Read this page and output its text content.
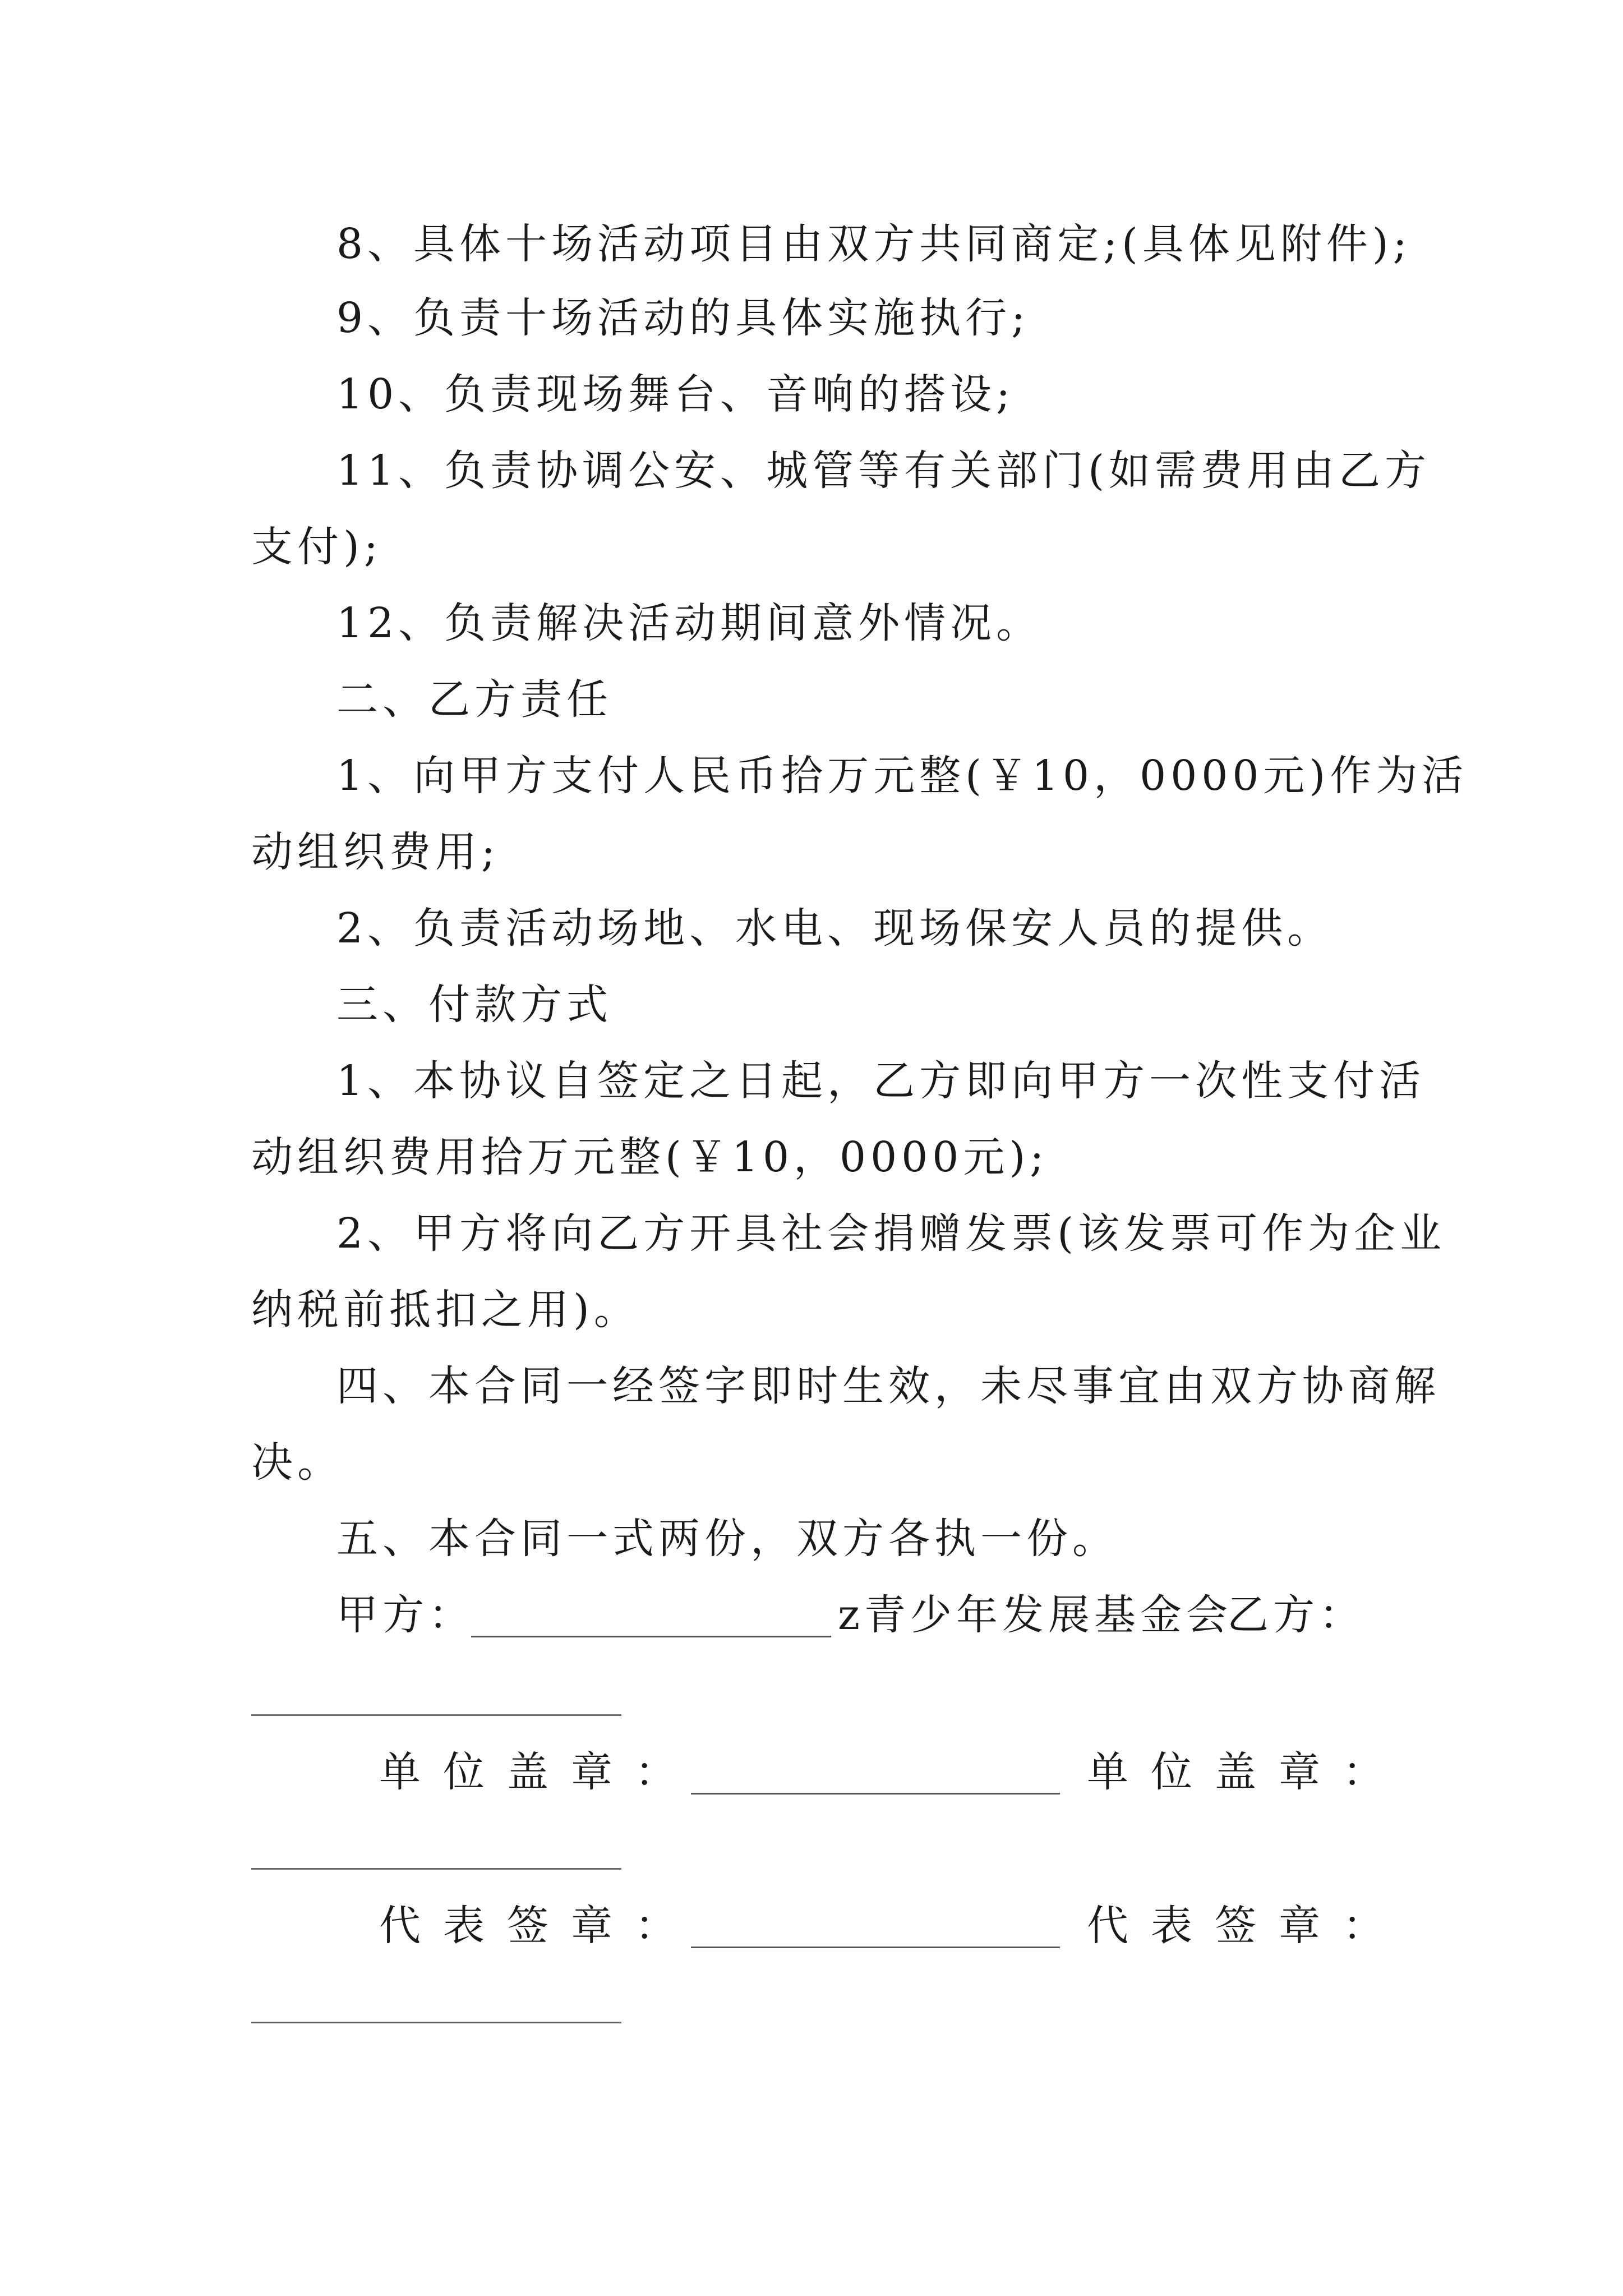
8、具体十场活动项目由双方共同商定;(具体见附件);
9、负责十场活动的具体实施执行;
10、负责现场舞台、音响的搭设;
11、负责协调公安、城管等有关部门(如需费用由乙方
支付);
12、负责解决活动期间意外情况。
二、乙方责任
1、向甲方支付人民币拾万元整(￥10，0000元)作为活
动组织费用;
2、负责活动场地、水电、现场保安人员的提供。
三、付款方式
1、本协议自签定之日起，乙方即向甲方一次性支付活
动组织费用拾万元整(￥10，0000元);
2、甲方将向乙方开具社会捐赠发票(该发票可作为企业
纳税前抵扣之用)。
四、本合同一经签字即时生效，未尽事宜由双方协商解
决。
五、本合同一式两份，双方各执一份。
甲方：	z青少年发展基金会
乙方：
单位盖章：	单位盖章：
代表签章：	代表签章：
